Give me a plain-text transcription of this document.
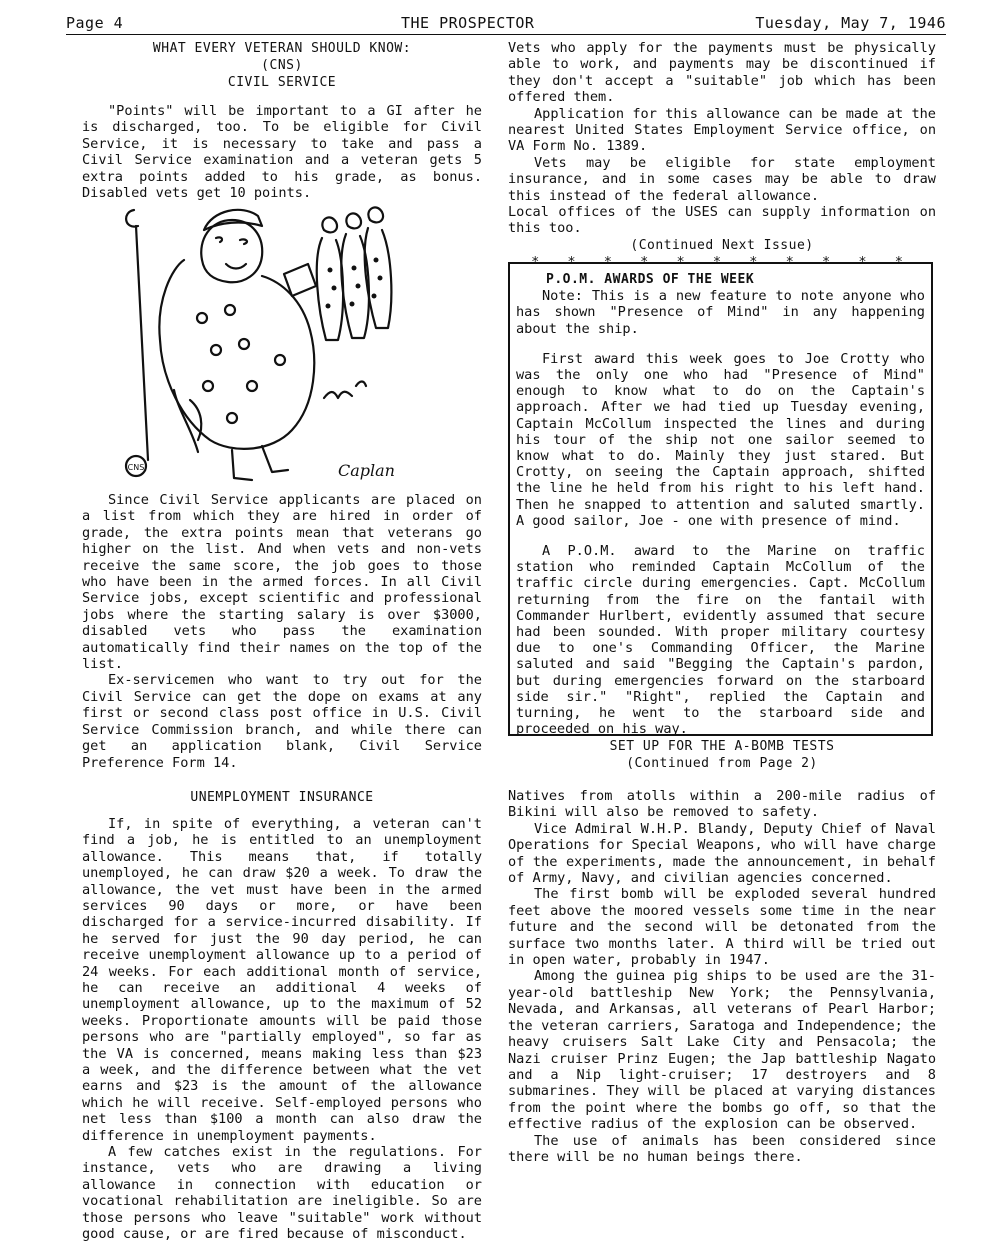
Page 4	THE PROSPECTOR	Tuesday, May 7, 1946

WHAT EVERY VETERAN SHOULD KNOW:

(CNS)

CIVIL SERVICE

"Points" will be important to a GI after he is discharged, too. To be eligible for Civil Service, it is necessary to take and pass a Civil Service examination and a veteran gets 5 extra points added to his grade, as bonus. Disabled vets get 10 points.

CNS	Caplan

Since Civil Service applicants are placed on a list from which they are hired in order of grade, the extra points mean that veterans go higher on the list. And when vets and non-vets receive the same score, the job goes to those who have been in the armed forces. In all Civil Service jobs, except scientific and professional jobs where the starting salary is over $3000, disabled vets who pass the examination automatically find their names on the top of the list.

Ex-servicemen who want to try out for the Civil Service can get the dope on exams at any first or second class post office in U.S. Civil Service Commission branch, and while there can get an application blank, Civil Service Preference Form 14.

UNEMPLOYMENT INSURANCE

If, in spite of everything, a veteran can't find a job, he is entitled to an unemployment allowance. This means that, if totally unemployed, he can draw $20 a week. To draw the allowance, the vet must have been in the armed services 90 days or more, or have been discharged for a service-incurred disability. If he served for just the 90 day period, he can receive unemployment allowance up to a period of 24 weeks. For each additional month of service, he can receive an additional 4 weeks of unemployment allowance, up to the maximum of 52 weeks. Proportionate amounts will be paid those persons who are "partially employed", so far as the VA is concerned, means making less than $23 a week, and the difference between what the vet earns and $23 is the amount of the allowance which he will receive. Self-employed persons who net less than $100 a month can also draw the difference in unemployment payments.

A few catches exist in the regulations. For instance, vets who are drawing a living allowance in connection with education or vocational rehabilitation are ineligible. So are those persons who leave "suitable" work without good cause, or are fired because of misconduct.

Vets who apply for the payments must be physically able to work, and payments may be discontinued if they don't accept a "suitable" job which has been offered them.

Application for this allowance can be made at the nearest United States Employment Service office, on VA Form No. 1389.

Vets may be eligible for state employment insurance, and in some cases may be able to draw this instead of the federal allowance.

Local offices of the USES can supply information on this too.

(Continued Next Issue)

* * * * * * * * * * *

P.O.M. AWARDS OF THE WEEK

Note: This is a new feature to note anyone who has shown "Presence of Mind" in any happening about the ship.

First award this week goes to Joe Crotty who was the only one who had "Presence of Mind" enough to know what to do on the Captain's approach. After we had tied up Tuesday evening, Captain McCollum inspected the lines and during his tour of the ship not one sailor seemed to know what to do. Mainly they just stared. But Crotty, on seeing the Captain approach, shifted the line he held from his right to his left hand. Then he snapped to attention and saluted smartly. A good sailor, Joe - one with presence of mind.

A P.O.M. award to the Marine on traffic station who reminded Captain McCollum of the traffic circle during emergencies. Capt. McCollum returning from the fire on the fantail with Commander Hurlbert, evidently assumed that secure had been sounded. With proper military courtesy due to one's Commanding Officer, the Marine saluted and said "Begging the Captain's pardon, but during emergencies forward on the starboard side sir." "Right", replied the Captain and turning, he went to the starboard side and proceeded on his way.

SET UP FOR THE A-BOMB TESTS

(Continued from Page 2)

Natives from atolls within a 200-mile radius of Bikini will also be removed to safety.

Vice Admiral W.H.P. Blandy, Deputy Chief of Naval Operations for Special Weapons, who will have charge of the experiments, made the announcement, in behalf of Army, Navy, and civilian agencies concerned.

The first bomb will be exploded several hundred feet above the moored vessels some time in the near future and the second will be detonated from the surface two months later. A third will be tried out in open water, probably in 1947.

Among the guinea pig ships to be used are the 31-year-old battleship New York; the Pennsylvania, Nevada, and Arkansas, all veterans of Pearl Harbor; the veteran carriers, Saratoga and Independence; the heavy cruisers Salt Lake City and Pensacola; the Nazi cruiser Prinz Eugen; the Jap battleship Nagato and a Nip light-cruiser; 17 destroyers and 8 submarines. They will be placed at varying distances from the point where the bombs go off, so that the effective radius of the explosion can be observed.

The use of animals has been considered since there will be no human beings there.
